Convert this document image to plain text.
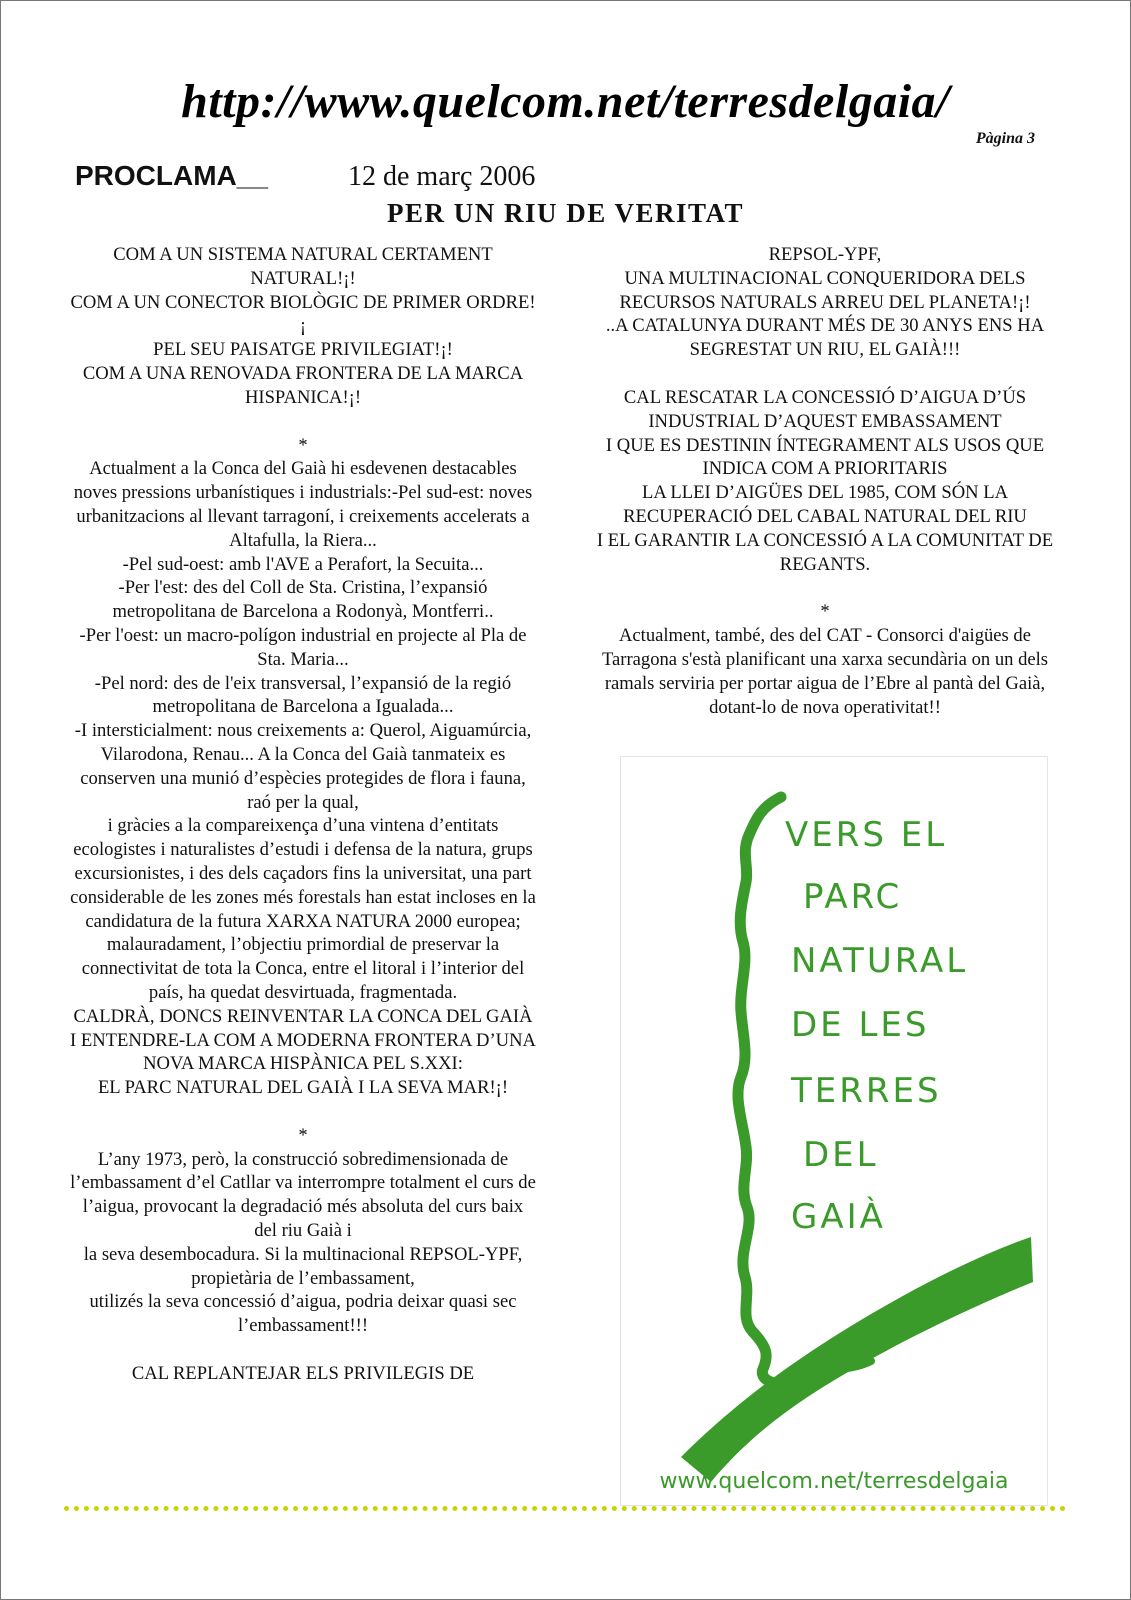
http://www.quelcom.net/terresdelgaia/
Pàgina 3
PROCLAMA__	12 de març 2006
PER UN RIU DE VERITAT

COM A UN SISTEMA NATURAL CERTAMENT NATURAL!¡!

COM A UN CONECTOR BIOLÒGIC DE PRIMER ORDRE!¡

PEL SEU PAISATGE PRIVILEGIAT!¡!

COM A UNA RENOVADA FRONTERA DE LA MARCA HISPANICA!¡!

*

Actualment a la Conca del Gaià hi esdevenen destacables noves pressions urbanístiques i industrials:-Pel sud-est: noves urbanitzacions al llevant tarragoní, i creixements accelerats a Altafulla, la Riera...

-Pel sud-oest: amb l'AVE a Perafort, la Secuita...

-Per l'est: des del Coll de Sta. Cristina, l’expansió metropolitana de Barcelona a Rodonyà, Montferri..

-Per l'oest: un macro-polígon industrial en projecte al Pla de Sta. Maria...

-Pel nord: des de l'eix transversal, l’expansió de la regió metropolitana de Barcelona a Igualada...

-I intersticialment: nous creixements a: Querol, Aiguamúrcia, Vilarodona, Renau... A la Conca del Gaià tanmateix es conserven una munió d’espècies protegides de flora i fauna, raó per la qual,

i gràcies a la compareixença d’una vintena d’entitats ecologistes i naturalistes d’estudi i defensa de la natura, grups excursionistes, i des dels caçadors fins la universitat, una part considerable de les zones més forestals han estat incloses en la candidatura de la futura XARXA NATURA 2000 europea; malauradament, l’objectiu primordial de preservar la connectivitat de tota la Conca, entre el litoral i l’interior del país, ha quedat desvirtuada, fragmentada.

CALDRÀ, DONCS REINVENTAR LA CONCA DEL GAIÀ I ENTENDRE-LA COM A MODERNA FRONTERA D’UNA NOVA MARCA HISPÀNICA PEL S.XXI:

EL PARC NATURAL DEL GAIÀ I LA SEVA MAR!¡!

*

L’any 1973, però, la construcció sobredimensionada de l’embassament d’el Catllar va interrompre totalment el curs de l’aigua, provocant la degradació més absoluta del curs baix del riu Gaià i

la seva desembocadura. Si la multinacional REPSOL-YPF, propietària de l’embassament,

utilizés la seva concessió d’aigua, podria deixar quasi sec l’embassament!!!

CAL REPLANTEJAR ELS PRIVILEGIS DE

REPSOL-YPF,

UNA MULTINACIONAL CONQUERIDORA DELS RECURSOS NATURALS ARREU DEL PLANETA!¡!

..A CATALUNYA DURANT MÉS DE 30 ANYS ENS HA SEGRESTAT UN RIU, EL GAIÀ!!!

CAL RESCATAR LA CONCESSIÓ D’AIGUA D’ÚS INDUSTRIAL D’AQUEST EMBASSAMENT

I QUE ES DESTININ ÍNTEGRAMENT ALS USOS QUE INDICA COM A PRIORITARIS

LA LLEI D’AIGÜES DEL 1985, COM SÓN LA RECUPERACIÓ DEL CABAL NATURAL DEL RIU

I EL GARANTIR LA CONCESSIÓ A LA COMUNITAT DE REGANTS.

*

Actualment, també, des del CAT - Consorci d'aigües de Tarragona s'està planificant una xarxa secundària on un dels ramals serviria per portar aigua de l’Ebre al pantà del Gaià, dotant-lo de nova operativitat!!

VERS EL
PARC
NATURAL
DE LES
TERRES
DEL
GAIÀ
www.quelcom.net/terresdelgaia
